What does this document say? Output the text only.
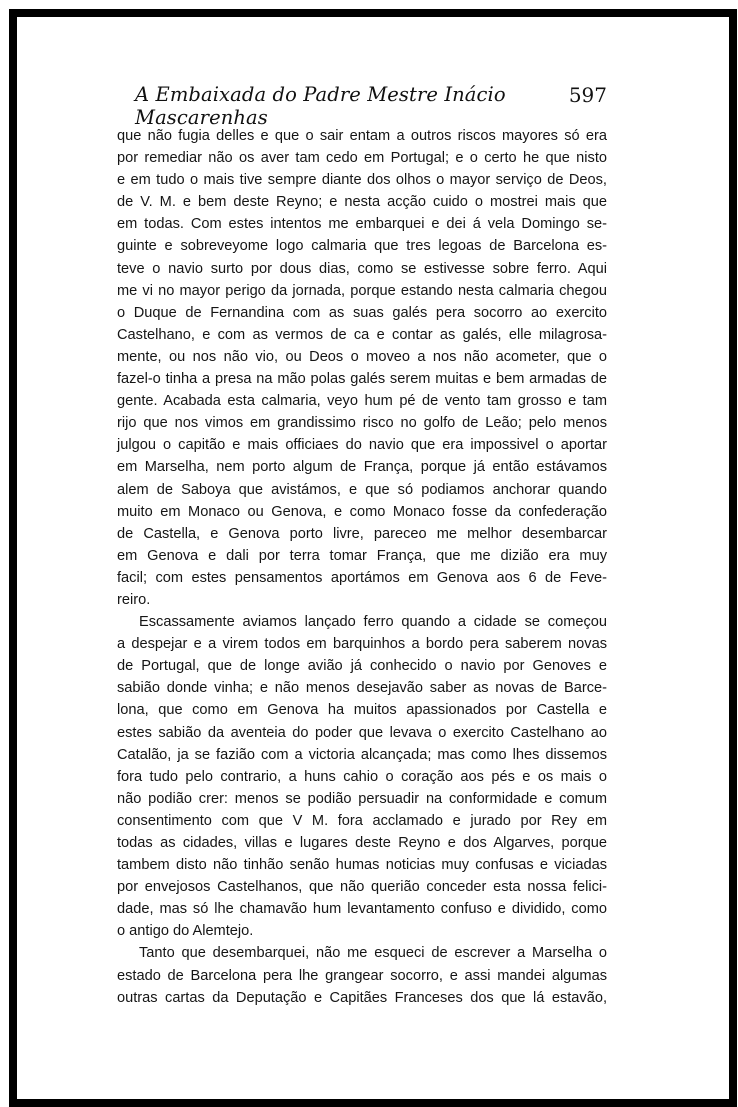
A Embaixada do Padre Mestre Inácio Mascarenhas
597
que não fugia delles e que o sair entam a outros riscos mayores só era
por remediar não os aver tam cedo em Portugal; e o certo he que nisto
e em tudo o mais tive sempre diante dos olhos o mayor serviço de Deos,
de V. M. e bem deste Reyno; e nesta acção cuido o mostrei mais que
em todas. Com estes intentos me embarquei e dei á vela Domingo se-
guinte e sobreveyome logo calmaria que tres legoas de Barcelona es-
teve o navio surto por dous dias, como se estivesse sobre ferro. Aqui
me vi no mayor perigo da jornada, porque estando nesta calmaria chegou
o Duque de Fernandina com as suas galés pera socorro ao exercito
Castelhano, e com as vermos de ca e contar as galés, elle milagrosa-
mente, ou nos não vio, ou Deos o moveo a nos não acometer, que o
fazel-o tinha a presa na mão polas galés serem muitas e bem armadas de
gente. Acabada esta calmaria, veyo hum pé de vento tam grosso e tam
rijo que nos vimos em grandissimo risco no golfo de Leão; pelo menos
julgou o capitão e mais officiaes do navio que era impossivel o aportar
em Marselha, nem porto algum de França, porque já então estávamos
alem de Saboya que avistámos, e que só podiamos anchorar quando
muito em Monaco ou Genova, e como Monaco fosse da confederação
de Castella, e Genova porto livre, pareceo me melhor desembarcar
em Genova e dali por terra tomar França, que me dizião era muy
facil; com estes pensamentos aportámos em Genova aos 6 de Feve-
reiro.
Escassamente aviamos lançado ferro quando a cidade se começou
a despejar e a virem todos em barquinhos a bordo pera saberem novas
de Portugal, que de longe avião já conhecido o navio por Genoves e
sabião donde vinha; e não menos desejavão saber as novas de Barce-
lona, que como em Genova ha muitos apassionados por Castella e
estes sabião da aventeia do poder que levava o exercito Castelhano ao
Catalão, ja se fazião com a victoria alcançada; mas como lhes dissemos
fora tudo pelo contrario, a huns cahio o coração aos pés e os mais o
não podião crer: menos se podião persuadir na conformidade e comum
consentimento com que V M. fora acclamado e jurado por Rey em
todas as cidades, villas e lugares deste Reyno e dos Algarves, porque
tambem disto não tinhão senão humas noticias muy confusas e viciadas
por envejosos Castelhanos, que não querião conceder esta nossa felici-
dade, mas só lhe chamavão hum levantamento confuso e dividido, como
o antigo do Alemtejo.
Tanto que desembarquei, não me esqueci de escrever a Marselha o
estado de Barcelona pera lhe grangear socorro, e assi mandei algumas
outras cartas da Deputação e Capitães Franceses dos que lá estavão,
